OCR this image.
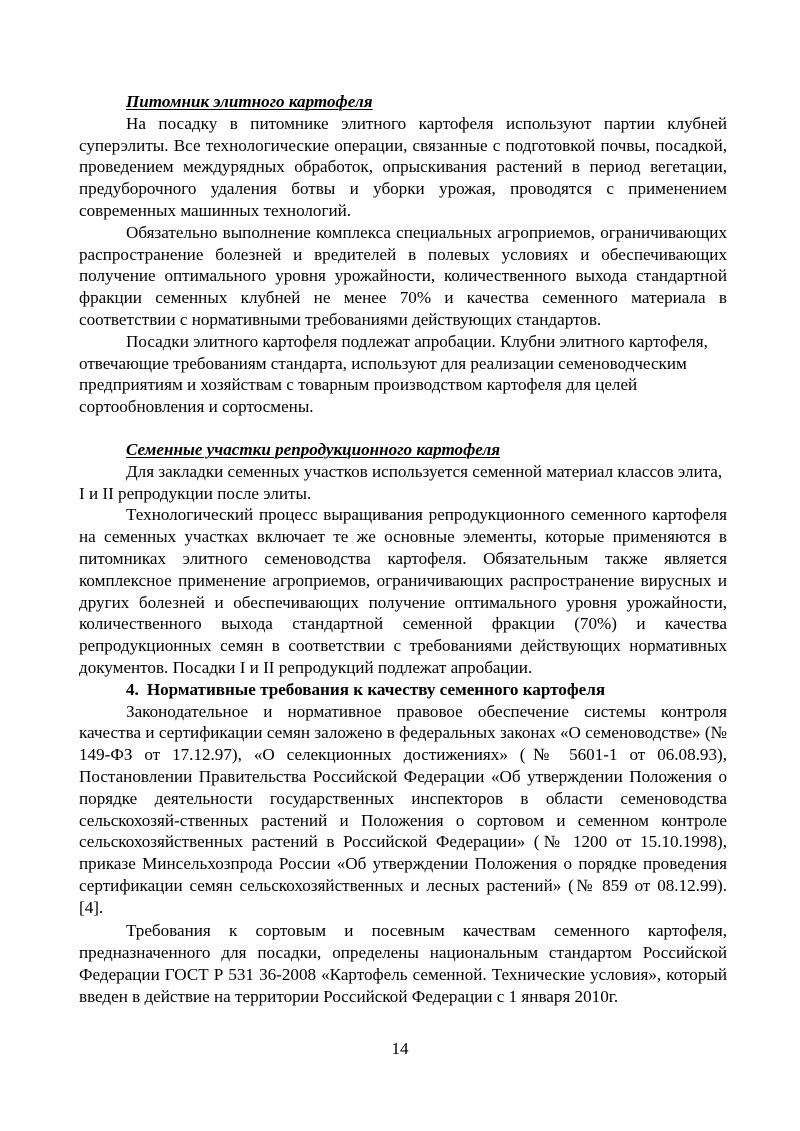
Питомник элитного картофеля

На посадку в питомнике элитного картофеля используют партии клубней суперэлиты. Все технологические операции, связанные с подготовкой почвы, посадкой, проведением междурядных обработок, опрыскивания растений в период вегетации, предуборочного удаления ботвы и уборки урожая, проводятся с применением современных машинных технологий.

Обязательно выполнение комплекса специальных агроприемов, ограничивающих распространение болезней и вредителей в полевых условиях и обеспечивающих получение оптимального уровня урожайности, количественного выхода стандартной фракции семенных клубней не менее 70% и качества семенного материала в соответствии с нормативными требованиями действующих стандартов.

Посадки элитного картофеля подлежат апробации. Клубни элитного картофеля, отвечающие требованиям стандарта, используют для реализации семеноводческим предприятиям и хозяйствам с товарным производством картофеля для целей сортообновления и сортосмены.

Семенные участки репродукционного картофеля

Для закладки семенных участков используется семенной материал классов элита, I и II репродукции после элиты.

Технологический процесс выращивания репродукционного семенного картофеля на семенных участках включает те же основные элементы, которые применяются в питомниках элитного семеноводства картофеля. Обязательным также является комплексное применение агроприемов, ограничивающих распространение вирусных и других болезней и обеспечивающих получение оптимального уровня урожайности, количественного выхода стандартной семенной фракции (70%) и качества репродукционных семян в соответствии с требованиями действующих нормативных документов. Посадки I и II репродукций подлежат апробации.

4. Нормативные требования к качеству семенного картофеля

Законодательное и нормативное правовое обеспечение системы контроля качества и сертификации семян заложено в федеральных законах «О семеноводстве» (№ 149-ФЗ от 17.12.97), «О селекционных достижениях» (№ 5601-1 от 06.08.93), Постановлении Правительства Российской Федерации «Об утверждении Положения о порядке деятельности государственных инспекторов в области семеноводства сельскохозяй-ственных растений и Положения о сортовом и семенном контроле сельскохозяйственных растений в Российской Федерации» (№ 1200 от 15.10.1998), приказе Минсельхозпрода России «Об утверждении Положения о порядке проведения сертификации семян сельскохозяйственных и лесных растений» (№ 859 от 08.12.99). [4].

Требования к сортовым и посевным качествам семенного картофеля, предназначенного для посадки, определены национальным стандартом Российской Федерации ГОСТ Р 531 36-2008 «Картофель семенной. Технические условия», который введен в действие на территории Российской Федерации с 1 января 2010г.

14
